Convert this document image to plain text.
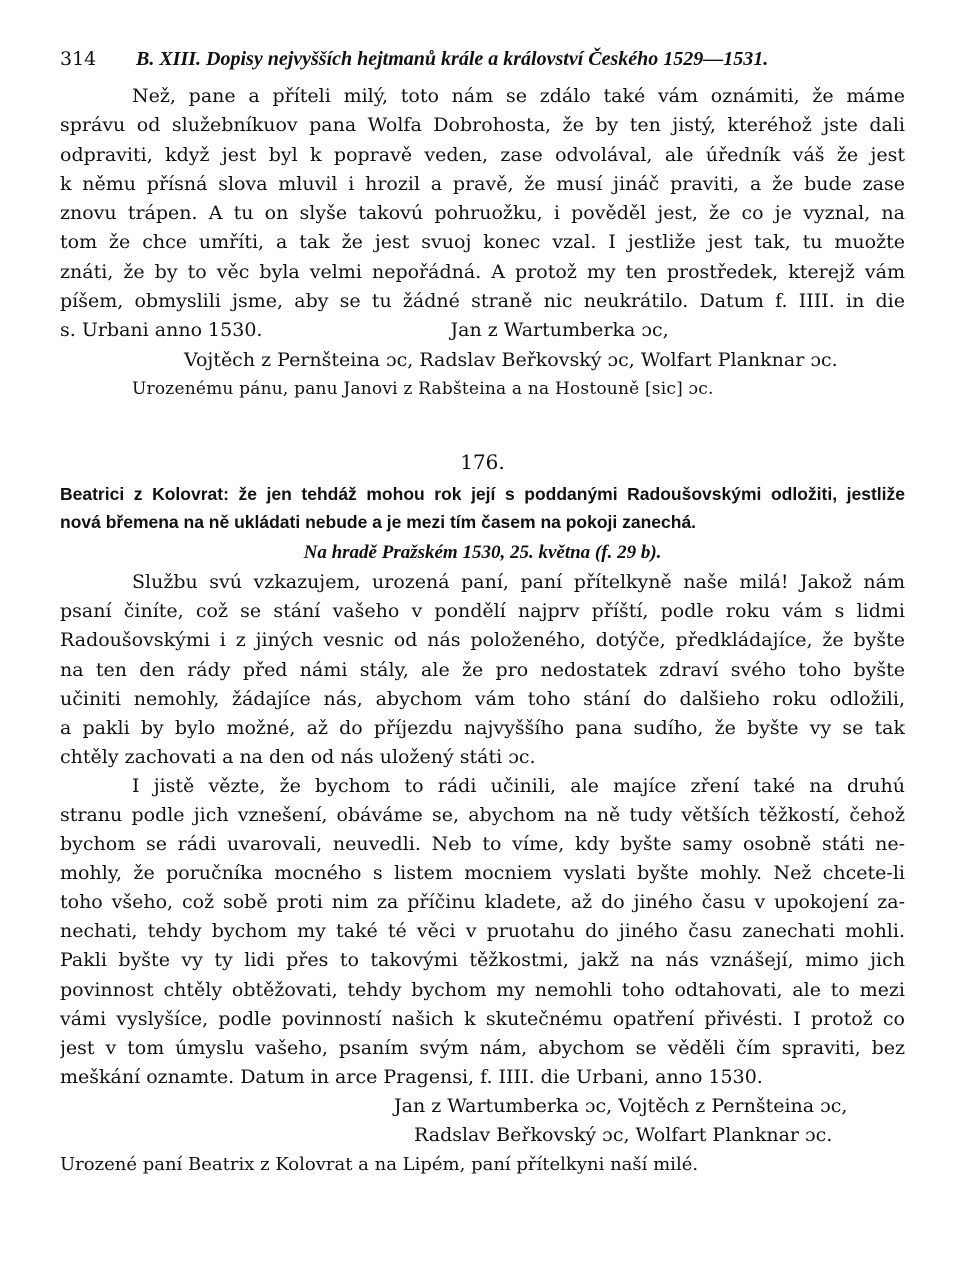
314	B. XIII. Dopisy nejvyšších hejtmanů krále a království Českého 1529—1531.
Než, pane a příteli milý, toto nám se zdálo také vám oznámiti, že máme
správu od služebníkuov pana Wolfa Dobrohosta, že by ten jistý, kteréhož jste dali
odpraviti, když jest byl k popravě veden, zase odvolával, ale úředník váš že jest
k němu přísná slova mluvil i hrozil a pravě, že musí jináč praviti, a že bude zase
znovu trápen. A tu on slyše takovú pohruožku, i pověděl jest, že co je vyznal, na
tom že chce umříti, a tak že jest svuoj konec vzal. I jestliže jest tak, tu muožte
znáti, že by to věc byla velmi nepořádná. A protož my ten prostředek, kterejž vám
píšem, obmyslili jsme, aby se tu žádné straně nic neukrátilo. Datum f. IIII. in die
s. Urbani anno 1530.	Jan z Wartumberka ɔc,
Vojtěch z Pernšteina ɔc, Radslav Beřkovský ɔc, Wolfart Planknar ɔc.
Urozenému pánu, panu Janovi z Rabšteina a na Hostouně [sic] ɔc.
176.
Beatrici z Kolovrat: že jen tehdáž mohou rok její s poddanými Radoušovskými odložiti, jestliže
nová břemena na ně ukládati nebude a je mezi tím časem na pokoji zanechá.
Na hradě Pražském 1530, 25. května (f. 29 b).
Službu svú vzkazujem, urozená paní, paní přítelkyně naše milá! Jakož nám
psaní činíte, což se stání vašeho v pondělí najprv příští, podle roku vám s lidmi
Radoušovskými i z jiných vesnic od nás položeného, dotýče, předkládajíce, že byšte
na ten den rády před námi stály, ale že pro nedostatek zdraví svého toho byšte
učiniti nemohly, žádajíce nás, abychom vám toho stání do dalšieho roku odložili,
a pakli by bylo možné, až do příjezdu najvyššího pana sudího, že byšte vy se tak
chtěly zachovati a na den od nás uložený státi ɔc.
I jistě vězte, že bychom to rádi učinili, ale majíce zření také na druhú
stranu podle jich vznešení, obáváme se, abychom na ně tudy větších těžkostí, čehož
bychom se rádi uvarovali, neuvedli. Neb to víme, kdy byšte samy osobně státi ne-
mohly, že poručníka mocného s listem mocniem vyslati byšte mohly. Než chcete-li
toho všeho, což sobě proti nim za příčinu kladete, až do jiného času v upokojení za-
nechati, tehdy bychom my také té věci v pruotahu do jiného času zanechati mohli.
Pakli byšte vy ty lidi přes to takovými těžkostmi, jakž na nás vznášejí, mimo jich
povinnost chtěly obtěžovati, tehdy bychom my nemohli toho odtahovati, ale to mezi
vámi vyslyšíce, podle povinností našich k skutečnému opatření přivésti. I protož co
jest v tom úmyslu vašeho, psaním svým nám, abychom se věděli čím spraviti, bez
meškání oznamte. Datum in arce Pragensi, f. IIII. die Urbani, anno 1530.
Jan z Wartumberka ɔc, Vojtěch z Pernšteina ɔc,
Radslav Beřkovský ɔc, Wolfart Planknar ɔc.
Urozené paní Beatrix z Kolovrat a na Lipém, paní přítelkyni naší milé.
